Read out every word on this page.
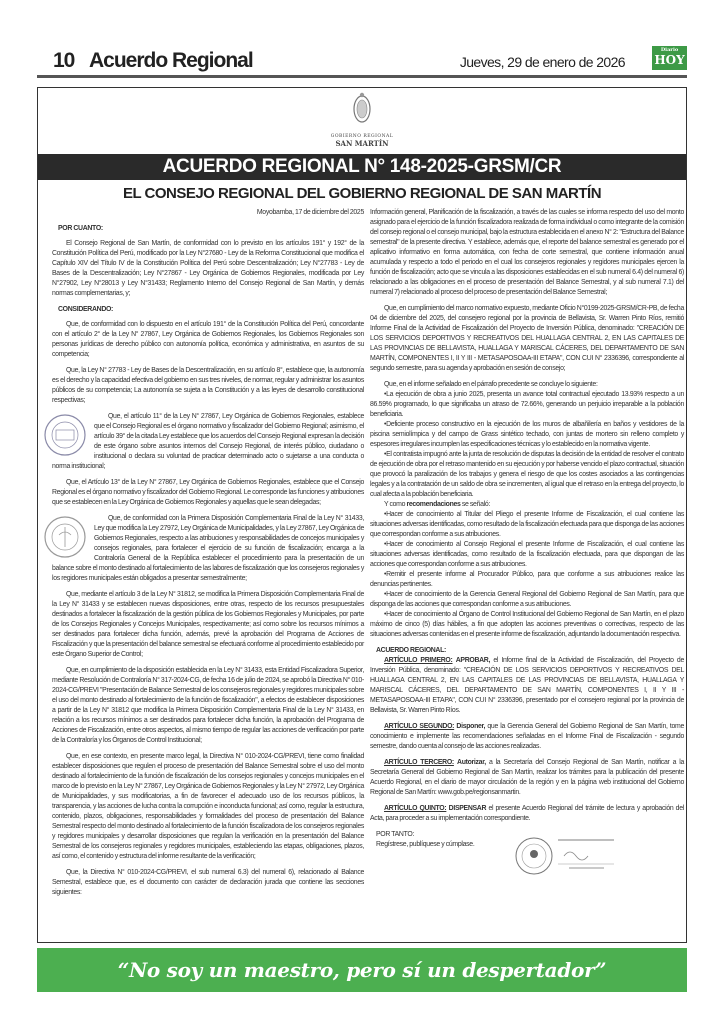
10 Acuerdo Regional	Jueves, 29 de enero de 2026
Diario
HOY
GOBIERNO REGIONAL
SAN MARTÍN
ACUERDO REGIONAL N° 148-2025-GRSM/CR
EL CONSEJO REGIONAL DEL GOBIERNO REGIONAL DE SAN MARTÍN

Moyobamba, 17 de diciembre del 2025

POR CUANTO:

El Consejo Regional de San Martín, de conformidad con lo previsto en los artículos 191° y 192° de la Constitución Política del Perú, modificado por la Ley N°27680 - Ley de la Reforma Constitucional que modifica el Capítulo XIV del Título IV de la Constitución Política del Perú sobre Descentralización; Ley N°27783 - Ley de Bases de la Descentralización; Ley N°27867 - Ley Orgánica de Gobiernos Regionales, modificada por Ley N°27902, Ley N°28013 y Ley N°31433; Reglamento Interno del Consejo Regional de San Martín, y demás normas complementarias, y;

CONSIDERANDO:

Que, de conformidad con lo dispuesto en el artículo 191° de la Constitución Política del Perú, concordante con el artículo 2° de la Ley N° 27867, Ley Orgánica de Gobiernos Regionales, los Gobiernos Regionales son personas jurídicas de derecho público con autonomía política, económica y administrativa, en asuntos de su competencia;

Que, la Ley N° 27783 - Ley de Bases de la Descentralización, en su artículo 8°, establece que, la autonomía es el derecho y la capacidad efectiva del gobierno en sus tres niveles, de normar, regular y administrar los asuntos públicos de su competencia; La autonomía se sujeta a la Constitución y a las leyes de desarrollo constitucional respectivas;

Que, el artículo 11° de la Ley N° 27867, Ley Orgánica de Gobiernos Regionales, establece que el Consejo Regional es el órgano normativo y fiscalizador del Gobierno Regional; asimismo, el artículo 39° de la citada Ley establece que los acuerdos del Consejo Regional expresan la decisión de este órgano sobre asuntos internos del Consejo Regional, de interés público, ciudadano o institucional o declara su voluntad de practicar determinado acto o sujetarse a una conducta o norma institucional;

Que, el Artículo 13° de la Ley N° 27867, Ley Orgánica de Gobiernos Regionales, establece que el Consejo Regional es el órgano normativo y fiscalizador del Gobierno Regional. Le corresponde las funciones y atribuciones que se establecen en la Ley Orgánica de Gobiernos Regionales y aquellas que le sean delegadas;

Que, de conformidad con la Primera Disposición Complementaria Final de la Ley N° 31433, Ley que modifica la Ley 27972, Ley Orgánica de Municipalidades, y la Ley 27867, Ley Orgánica de Gobiernos Regionales, respecto a las atribuciones y responsabilidades de concejos municipales y consejos regionales, para fortalecer el ejercicio de su función de fiscalización; encarga a la Contraloría General de la República establecer el procedimiento para la presentación de un balance sobre el monto destinado al fortalecimiento de las labores de fiscalización que los consejeros regionales y los regidores municipales están obligados a presentar semestralmente;

Que, mediante el artículo 3 de la Ley N° 31812, se modifica la Primera Disposición Complementaria Final de la Ley N° 31433 y se establecen nuevas disposiciones, entre otras, respecto de los recursos presupuestales destinados a fortalecer la fiscalización de la gestión pública de los Gobiernos Regionales y Municipales, por parte de los Consejos Regionales y Concejos Municipales, respectivamente; así como sobre los recursos mínimos a ser destinados para fortalecer dicha función, además, prevé la aprobación del Programa de Acciones de Fiscalización y que la presentación del balance semestral se efectuará conforme al procedimiento establecido por este Órgano Superior de Control;

Que, en cumplimiento de la disposición establecida en la Ley N° 31433, esta Entidad Fiscalizadora Superior, mediante Resolución de Contraloría N° 317-2024-CG, de fecha 16 de julio de 2024, se aprobó la Directiva N° 010-2024-CG/PREVI "Presentación de Balance Semestral de los consejeros regionales y regidores municipales sobre el uso del monto destinado al fortalecimiento de la función de fiscalización", a efectos de establecer disposiciones a partir de la Ley N° 31812 que modifica la Primera Disposición Complementaria Final de la Ley N° 31433, en relación a los recursos mínimos a ser destinados para fortalecer dicha función, la aprobación del Programa de Acciones de Fiscalización, entre otros aspectos, al mismo tiempo de regular las acciones de verificación por parte de la Contraloría y los Órganos de Control Institucional;

Que, en ese contexto, en presente marco legal, la Directiva N° 010-2024-CG/PREVI, tiene como finalidad establecer disposiciones que regulen el proceso de presentación del Balance Semestral sobre el uso del monto destinado al fortalecimiento de la función de fiscalización de los consejos regionales y concejos municipales en el marco de lo previsto en la Ley N° 27867, Ley Orgánica de Gobiernos Regionales y la Ley N° 27972, Ley Orgánica de Municipalidades, y sus modificatorias, a fin de favorecer el adecuado uso de los recursos públicos, la transparencia, y las acciones de lucha contra la corrupción e inconducta funcional; así como, regular la estructura, contenido, plazos, obligaciones, responsabilidades y formalidades del proceso de presentación del Balance Semestral respecto del monto destinado al fortalecimiento de la función fiscalizadora de los consejeros regionales y regidores municipales y desarrollar disposiciones que regulan la verificación en la presentación del Balance Semestral de los consejeros regionales y regidores municipales, estableciendo las etapas, obligaciones, plazos, así como, el contenido y estructura del informe resultante de la verificación;

Que, la Directiva N° 010-2024-CG/PREVI, el sub numeral 6.3) del numeral 6), relacionado al Balance Semestral, establece que, es el documento con carácter de declaración jurada que contiene las secciones siguientes:

Información general, Planificación de la fiscalización, a través de las cuales se informa respecto del uso del monto asignado para el ejercicio de la función fiscalizadora realizada de forma individual o como integrante de la comisión del consejo regional o el consejo municipal, bajo la estructura establecida en el anexo N° 2: "Estructura del Balance semestral" de la presente directiva. Y establece, además que, el reporte del balance semestral es generado por el aplicativo informativo en forma automática, con fecha de corte semestral, que contiene información anual acumulada y respecto a todo el periodo en el cual los consejeros regionales y regidores municipales ejercen la función de fiscalización; acto que se vincula a las disposiciones establecidas en el sub numeral 6.4) del numeral 6) relacionado a las obligaciones en el proceso de presentación del Balance Semestral, y al sub numeral 7.1) del numeral 7) relacionado al proceso del proceso de presentación del Balance Semestral;

Que, en cumplimiento del marco normativo expuesto, mediante Oficio N°0199-2025-GRSM/CR-PB, de fecha 04 de diciembre del 2025, del consejero regional por la provincia de Bellavista, Sr. Warren Pinto Ríos, remitió Informe Final de la Actividad de Fiscalización del Proyecto de Inversión Pública, denominado: "CREACIÓN DE LOS SERVICIOS DEPORTIVOS Y RECREATIVOS DEL HUALLAGA CENTRAL 2, EN LAS CAPITALES DE LAS PROVINCIAS DE BELLAVISTA, HUALLAGA Y MARISCAL CÁCERES, DEL DEPARTAMENTO DE SAN MARTÍN, COMPONENTES I, II Y III - METASAPOSOAA-III ETAPA", CON CUI N° 2336396, correspondiente al segundo semestre, para su agenda y aprobación en sesión de consejo;

Que, en el informe señalado en el párrafo precedente se concluye lo siguiente:

•La ejecución de obra a junio 2025, presenta un avance total contractual ejecutado 13.93% respecto a un 86.59% programado, lo que significaba un atraso de 72.66%, generando un perjuicio irreparable a la población beneficiaria.

•Deficiente proceso constructivo en la ejecución de los muros de albañilería en baños y vestidores de la piscina semiolímpica y del campo de Grass sintético techado, con juntas de mortero sin relleno completo y espesores irregulares incumplen las especificaciones técnicas y lo establecido en la normativa vigente.

•El contratista impugnó ante la junta de resolución de disputas la decisión de la entidad de resolver el contrato de ejecución de obra por el retraso mantenido en su ejecución y por haberse vencido el plazo contractual, situación que provocó la paralización de los trabajos y genera el riesgo de que los costes asociados a las contingencias legales y a la contratación de un saldo de obra se incrementen, al igual que el retraso en la entrega del proyecto, lo cual afecta a la población beneficiaria.

Y como recomendaciones se señaló:

•Hacer de conocimiento al Titular del Pliego el presente Informe de Fiscalización, el cual contiene las situaciones adversas identificadas, como resultado de la fiscalización efectuada para que disponga de las acciones que correspondan conforme a sus atribuciones.

•Hacer de conocimiento al Consejo Regional el presente Informe de Fiscalización, el cual contiene las situaciones adversas identificadas, como resultado de la fiscalización efectuada, para que dispongan de las acciones que correspondan conforme a sus atribuciones.

•Remitir el presente informe al Procurador Público, para que conforme a sus atribuciones realice las denuncias pertinentes.

•Hacer de conocimiento de la Gerencia General Regional del Gobierno Regional de San Martín, para que disponga de las acciones que correspondan conforme a sus atribuciones.

•Hacer de conocimiento al Órgano de Control Institucional del Gobierno Regional de San Martín, en el plazo máximo de cinco (5) días hábiles, a fin que adopten las acciones preventivas o correctivas, respecto de las situaciones adversas contenidas en el presente informe de fiscalización, adjuntando la documentación respectiva.

ACUERDO REGIONAL:

ARTÍCULO PRIMERO: APROBAR, el Informe final de la Actividad de Fiscalización, del Proyecto de Inversión Pública, denominado: "CREACIÓN DE LOS SERVICIOS DEPORTIVOS Y RECREATIVOS DEL HUALLAGA CENTRAL 2, EN LAS CAPITALES DE LAS PROVINCIAS DE BELLAVISTA, HUALLAGA Y MARISCAL CÁCERES, DEL DEPARTAMENTO DE SAN MARTÍN, COMPONENTES I, II Y III - METASAPOSOAA-III ETAPA", CON CUI N° 2336396, presentado por el consejero regional por la provincia de Bellavista, Sr. Warren Pinto Ríos.

ARTÍCULO SEGUNDO: Disponer, que la Gerencia General del Gobierno Regional de San Martín, tome conocimiento e implemente las recomendaciones señaladas en el Informe Final de Fiscalización - segundo semestre, dando cuenta al consejo de las acciones realizadas.

ARTÍCULO TERCERO: Autorizar, a la Secretaría del Consejo Regional de San Martín, notificar a la Secretaría General del Gobierno Regional de San Martín, realizar los trámites para la publicación del presente Acuerdo Regional, en el diario de mayor circulación de la región y en la página web institucional del Gobierno Regional de San Martín: www.gob.pe/regionsanmartin.

ARTÍCULO QUINTO: DISPENSAR el presente Acuerdo Regional del trámite de lectura y aprobación del Acta, para proceder a su implementación correspondiente.

POR TANTO:

Regístrese, publíquese y cúmplase.
“No soy un maestro, pero sí un despertador”
